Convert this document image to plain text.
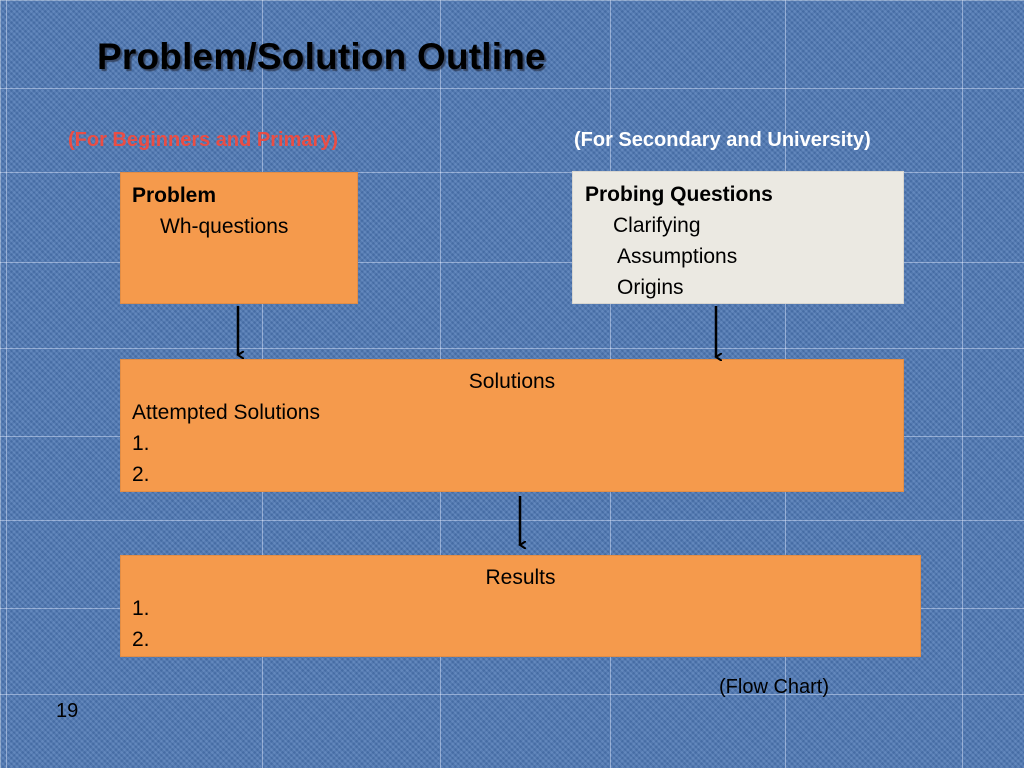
Problem/Solution Outline
(For Beginners and Primary)	(For Secondary and University)
Problem
Wh-questions
Probing Questions
Clarifying
Assumptions
Origins
Solutions
Attempted Solutions
1.
2.
Results
1.
2.
(Flow Chart)
19
